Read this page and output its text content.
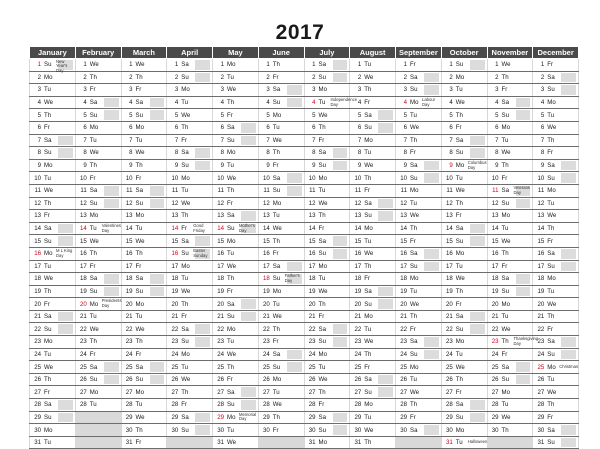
2017
January	February	March	April	May	June	July	August	September	October	November	December

1 Su New Year's Day	1 We	1 We	1 Sa	1 Mo	1 Th	1 Sa	1 Tu	1 Fr	1 Su	1 We	1 Fr

2 Mo	2 Th	2 Th	2 Su	2 Tu	2 Fr	2 Su	2 We	2 Sa	2 Mo	2 Th	2 Sa

3 Tu	3 Fr	3 Fr	3 Mo	3 We	3 Sa	3 Mo	3 Th	3 Su	3 Tu	3 Fr	3 Su

4 We	4 Sa	4 Sa	4 Tu	4 Th	4 Su	4 Tu Independence Day	4 Fr	4 Mo Labour Day	4 We	4 Sa	4 Mo

5 Th	5 Su	5 Su	5 We	5 Fr	5 Mo	5 We	5 Sa	5 Tu	5 Th	5 Su	5 Tu

6 Fr	6 Mo	6 Mo	6 Th	6 Sa	6 Tu	6 Th	6 Su	6 We	6 Fr	6 Mo	6 We

7 Sa	7 Tu	7 Tu	7 Fr	7 Su	7 We	7 Fr	7 Mo	7 Th	7 Sa	7 Tu	7 Th

8 Su	8 We	8 We	8 Sa	8 Mo	8 Th	8 Sa	8 Tu	8 Fr	8 Su	8 We	8 Fr

9 Mo	9 Th	9 Th	9 Su	9 Tu	9 Fr	9 Su	9 We	9 Sa	9 Mo Columbus Day	9 Th	9 Sa

10 Tu	10 Fr	10 Fr	10 Mo	10 We	10 Sa	10 Mo	10 Th	10 Su	10 Tu	10 Fr	10 Su

11 We	11 Sa	11 Sa	11 Tu	11 Th	11 Su	11 Tu	11 Fr	11 Mo	11 We	11 Sa Veterans Day	11 Mo

12 Th	12 Su	12 Su	12 We	12 Fr	12 Mo	12 We	12 Sa	12 Tu	12 Th	12 Su	12 Tu

13 Fr	13 Mo	13 Mo	13 Th	13 Sa	13 Tu	13 Th	13 Su	13 We	13 Fr	13 Mo	13 We

14 Sa	14 Tu Valentines Day	14 Tu	14 Fr Good Friday	14 Su Mother's Day	14 We	14 Fr	14 Mo	14 Th	14 Sa	14 Tu	14 Th

15 Su	15 We	15 We	15 Sa	15 Mo	15 Th	15 Sa	15 Tu	15 Fr	15 Su	15 We	15 Fr

16 Mo M L King Day	16 Th	16 Th	16 Su Easter Sunday	16 Tu	16 Fr	16 Su	16 We	16 Sa	16 Mo	16 Th	16 Sa

17 Tu	17 Fr	17 Fr	17 Mo	17 We	17 Sa	17 Mo	17 Th	17 Su	17 Tu	17 Fr	17 Su

18 We	18 Sa	18 Sa	18 Tu	18 Th	18 Su Father's Day	18 Tu	18 Fr	18 Mo	18 We	18 Sa	18 Mo

19 Th	19 Su	19 Su	19 We	19 Fr	19 Mo	19 We	19 Sa	19 Tu	19 Th	19 Su	19 Tu

20 Fr	20 Mo Presidents Day	20 Mo	20 Th	20 Sa	20 Tu	20 Th	20 Su	20 We	20 Fr	20 Mo	20 We

21 Sa	21 Tu	21 Tu	21 Fr	21 Su	21 We	21 Fr	21 Mo	21 Th	21 Sa	21 Tu	21 Th

22 Su	22 We	22 We	22 Sa	22 Mo	22 Th	22 Sa	22 Tu	22 Fr	22 Su	22 We	22 Fr

23 Mo	23 Th	23 Th	23 Su	23 Tu	23 Fr	23 Su	23 We	23 Sa	23 Mo	23 Th Thanksgiving Day	23 Sa

24 Tu	24 Fr	24 Fr	24 Mo	24 We	24 Sa	24 Mo	24 Th	24 Su	24 Tu	24 Fr	24 Su

25 We	25 Sa	25 Sa	25 Tu	25 Th	25 Su	25 Tu	25 Fr	25 Mo	25 We	25 Sa	25 Mo Christmas

26 Th	26 Su	26 Su	26 We	26 Fr	26 Mo	26 We	26 Sa	26 Tu	26 Th	26 Su	26 Tu

27 Fr	27 Mo	27 Mo	27 Th	27 Sa	27 Tu	27 Th	27 Su	27 We	27 Fr	27 Mo	27 We

28 Sa	28 Tu	28 Tu	28 Fr	28 Su	28 We	28 Fr	28 Mo	28 Th	28 Sa	28 Tu	28 Th

29 Su		29 We	29 Sa	29 Mo Memorial Day	29 Th	29 Sa	29 Tu	29 Fr	29 Su	29 We	29 Fr

30 Mo		30 Th	30 Su	30 Tu	30 Fr	30 Su	30 We	30 Sa	30 Mo	30 Th	30 Sa

31 Tu		31 Fr		31 We		31 Mo	31 Th		31 Tu Halloween		31 Su
